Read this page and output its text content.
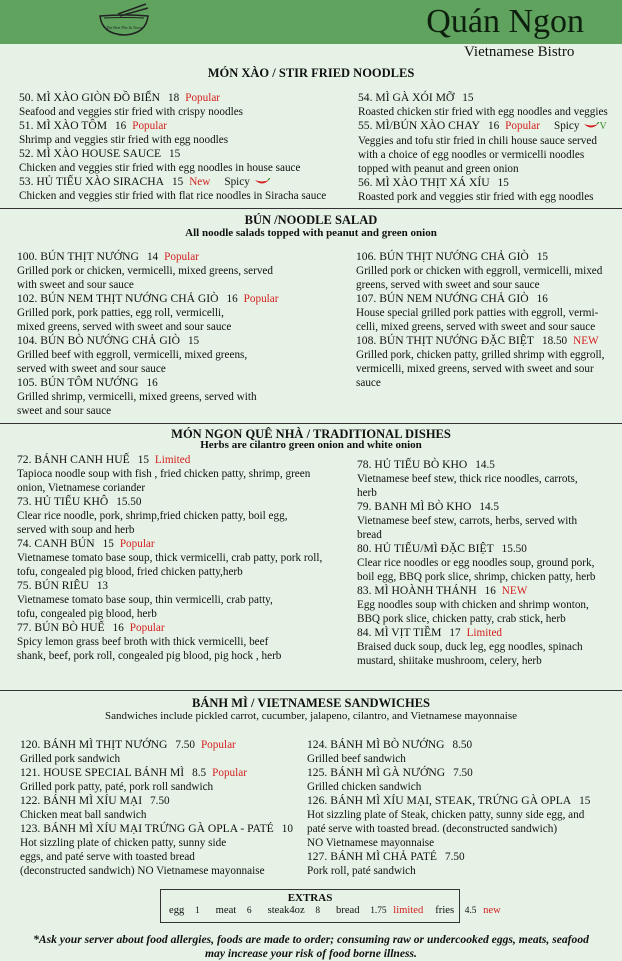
The Best Pho In Town	Quán Ngon
Vietnamese Bistro
MÓN XÀO / STIR FRIED NOODLES
50. MÌ XÀO GIÒN ĐỒ BIỂN 18 Popular
Seafood and veggies stir fried with crispy noodles
51. MÌ XÀO TÔM 16 Popular
Shrimp and veggies stir fried with egg noodles
52. MÌ XÀO HOUSE SAUCE 15
Chicken and veggies stir fried with egg noodles in house sauce
53. HỦ TIẾU XÀO SIRACHA 15 New Spicy
Chicken and veggies stir fried with flat rice noodles in Siracha sauce
54. MÌ GÀ XÓI MỠ 15
Roasted chicken stir fried with egg noodles and veggies
55. MÌ/BÚN XÀO CHAY 16 Popular Spicy V
Veggies and tofu stir fried in chili house sauce served
with a choice of egg noodles or vermicelli noodles
topped with peanut and green onion
56. MÌ XÀO THỊT XÁ XÍU 15
Roasted pork and veggies stir fried with egg noodles
BÚN /NOODLE SALAD
All noodle salads topped with peanut and green onion
100. BÚN THỊT NƯỚNG 14 Popular
Grilled pork or chicken, vermicelli, mixed greens, served
with sweet and sour sauce
102. BÚN NEM THỊT NƯỚNG CHẢ GIÒ 16 Popular
Grilled pork, pork patties, egg roll, vermicelli,
mixed greens, served with sweet and sour sauce
104. BÚN BÒ NƯỚNG CHẢ GIÒ 15
Grilled beef with eggroll, vermicelli, mixed greens,
served with sweet and sour sauce
105. BÚN TÔM NƯỚNG 16
Grilled shrimp, vermicelli, mixed greens, served with
sweet and sour sauce
106. BÚN THỊT NƯỚNG CHẢ GIÒ 15
Grilled pork or chicken with eggroll, vermicelli, mixed
greens, served with sweet and sour sauce
107. BÚN NEM NƯỚNG CHẢ GIÒ 16
House special grilled pork patties with eggroll, vermi-
celli, mixed greens, served with sweet and sour sauce
108. BÚN THỊT NƯỚNG ĐẶC BIỆT 18.50 NEW
Grilled pork, chicken patty, grilled shrimp with eggroll,
vermicelli, mixed greens, served with sweet and sour
sauce
MÓN NGON QUÊ NHÀ / TRADITIONAL DISHES
Herbs are cilantro green onion and white onion
72. BÁNH CANH HUẾ 15 Limited
Tapioca noodle soup with fish , fried chicken patty, shrimp, green
onion, Vietnamese coriander
73. HỦ TIẾU KHÔ 15.50
Clear rice noodle, pork, shrimp,fried chicken patty, boil egg,
served with soup and herb
74. CANH BÚN 15 Popular
Vietnamese tomato base soup, thick vermicelli, crab patty, pork roll,
tofu, congealed pig blood, fried chicken patty,herb
75. BÚN RIÊU 13
Vietnamese tomato base soup, thin vermicelli, crab patty,
tofu, congealed pig blood, herb
77. BÚN BÒ HUẾ 16 Popular
Spicy lemon grass beef broth with thick vermicelli, beef
shank, beef, pork roll, congealed pig blood, pig hock , herb
78. HỦ TIẾU BÒ KHO 14.5
Vietnamese beef stew, thick rice noodles, carrots,
herb
79. BANH MÌ BÒ KHO 14.5
Vietnamese beef stew, carrots, herbs, served with
bread
80. HỦ TIẾU/MÌ ĐẶC BIỆT 15.50
Clear rice noodles or egg noodles soup, ground pork,
boil egg, BBQ pork slice, shrimp, chicken patty, herb
83. MÌ HOÀNH THÁNH 16 NEW
Egg noodles soup with chicken and shrimp wonton,
BBQ pork slice, chicken patty, crab stick, herb
84. MÌ VỊT TIỀM 17 Limited
Braised duck soup, duck leg, egg noodles, spinach
mustard, shiitake mushroom, celery, herb
BÁNH MÌ / VIETNAMESE SANDWICHES
Sandwiches include pickled carrot, cucumber, jalapeno, cilantro, and Vietnamese mayonnaise
120. BÁNH MÌ THỊT NƯỚNG 7.50 Popular
Grilled pork sandwich
121. HOUSE SPECIAL BÁNH MÌ 8.5 Popular
Grilled pork patty, paté, pork roll sandwich
122. BÁNH MÌ XÍU MẠI 7.50
Chicken meat ball sandwich
123. BÁNH MÌ XÍU MẠI TRỨNG GÀ OPLA - PATÉ 10
Hot sizzling plate of chicken patty, sunny side
eggs, and paté serve with toasted bread
(deconstructed sandwich) NO Vietnamese mayonnaise
124. BÁNH MÌ BÒ NƯỚNG 8.50
Grilled beef sandwich
125. BÁNH MÌ GÀ NƯỚNG 7.50
Grilled chicken sandwich
126. BÁNH MÌ XÍU MẠI, STEAK, TRỨNG GÀ OPLA 15
Hot sizzling plate of Steak, chicken patty, sunny side egg, and
paté serve with toasted bread. (deconstructed sandwich)
NO Vietnamese mayonnaise
127. BÁNH MÌ CHẢ PATÉ 7.50
Pork roll, paté sandwich
EXTRAS
egg 1 meat 6 steak4oz 8 bread 1.75 limited fries 4.5 new
*Ask your server about food allergies, foods are made to order; consuming raw or undercooked eggs, meats, seafood
may increase your risk of food borne illness.
